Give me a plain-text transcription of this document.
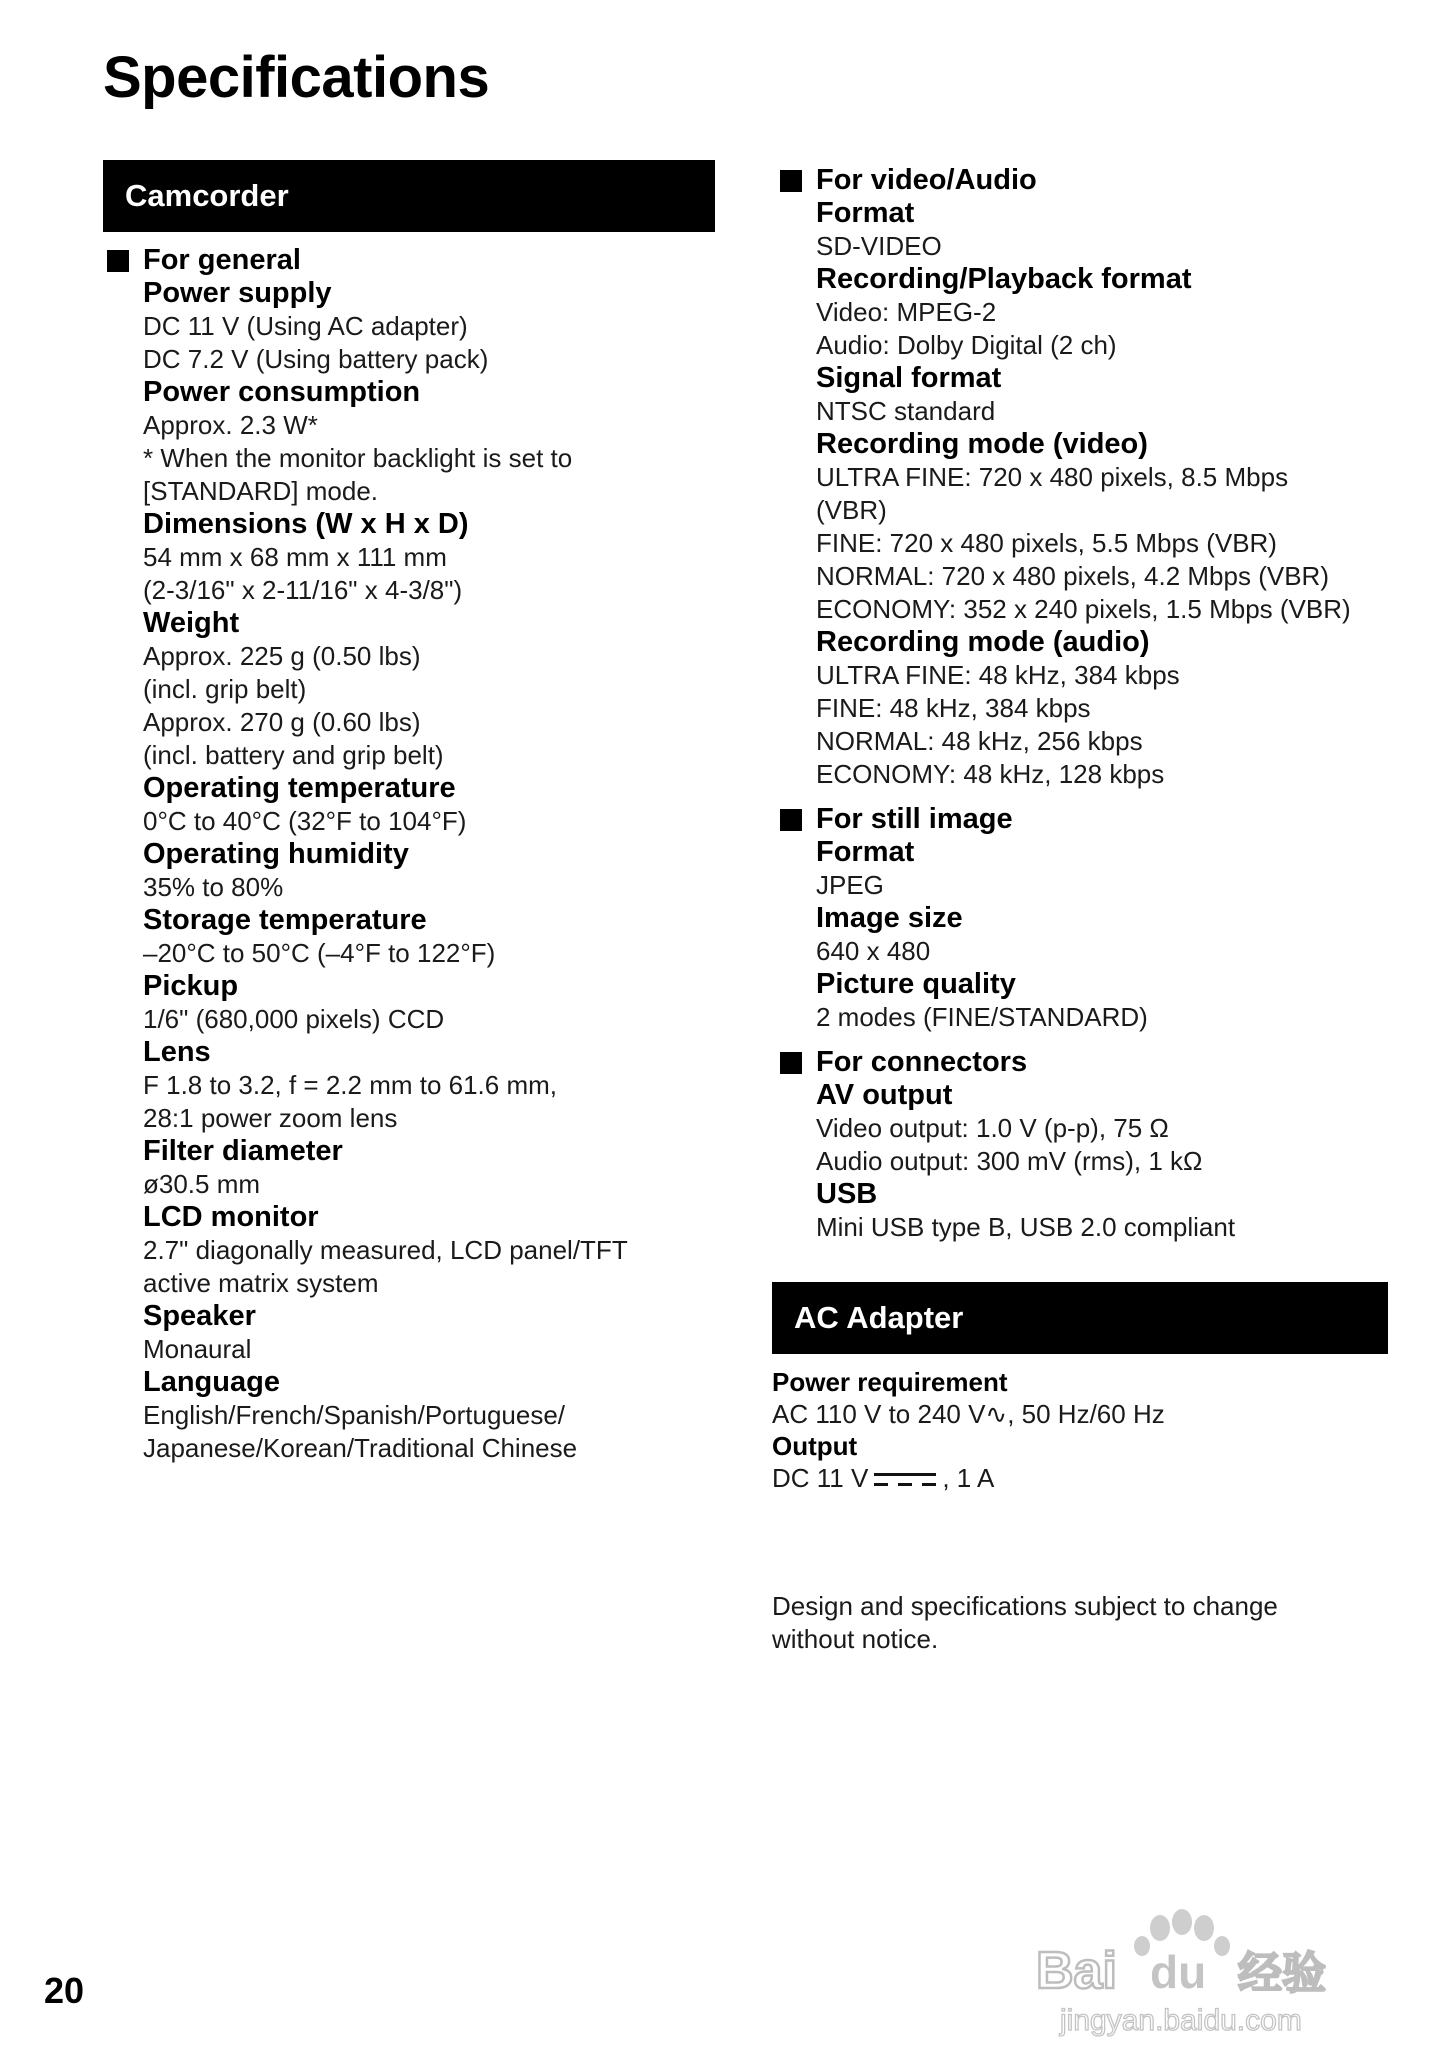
Specifications
Camcorder
For general
Power supply
DC 11 V (Using AC adapter)
DC 7.2 V (Using battery pack)
Power consumption
Approx. 2.3 W*
* When the monitor backlight is set to
[STANDARD] mode.
Dimensions (W x H x D)
54 mm x 68 mm x 111 mm
(2-3/16" x 2-11/16" x 4-3/8")
Weight
Approx. 225 g (0.50 lbs)
(incl. grip belt)
Approx. 270 g (0.60 lbs)
(incl. battery and grip belt)
Operating temperature
0°C to 40°C (32°F to 104°F)
Operating humidity
35% to 80%
Storage temperature
–20°C to 50°C (–4°F to 122°F)
Pickup
1/6" (680,000 pixels) CCD
Lens
F 1.8 to 3.2, f = 2.2 mm to 61.6 mm,
28:1 power zoom lens
Filter diameter
ø30.5 mm
LCD monitor
2.7" diagonally measured, LCD panel/TFT
active matrix system
Speaker
Monaural
Language
English/French/Spanish/Portuguese/
Japanese/Korean/Traditional Chinese
For video/Audio
Format
SD-VIDEO
Recording/Playback format
Video: MPEG-2
Audio: Dolby Digital (2 ch)
Signal format
NTSC standard
Recording mode (video)
ULTRA FINE: 720 x 480 pixels, 8.5 Mbps
(VBR)
FINE: 720 x 480 pixels, 5.5 Mbps (VBR)
NORMAL: 720 x 480 pixels, 4.2 Mbps (VBR)
ECONOMY: 352 x 240 pixels, 1.5 Mbps (VBR)
Recording mode (audio)
ULTRA FINE: 48 kHz, 384 kbps
FINE: 48 kHz, 384 kbps
NORMAL: 48 kHz, 256 kbps
ECONOMY: 48 kHz, 128 kbps
For still image
Format
JPEG
Image size
640 x 480
Picture quality
2 modes (FINE/STANDARD)
For connectors
AV output
Video output: 1.0 V (p-p), 75 Ω
Audio output: 300 mV (rms), 1 kΩ
USB
Mini USB type B, USB 2.0 compliant
AC Adapter
Power requirement
AC 110 V to 240 V∿, 50 Hz/60 Hz
Output
DC 11 V	, 1 A
Design and specifications subject to change without notice.
20	Bai du 经验
jingyan.baidu.com
